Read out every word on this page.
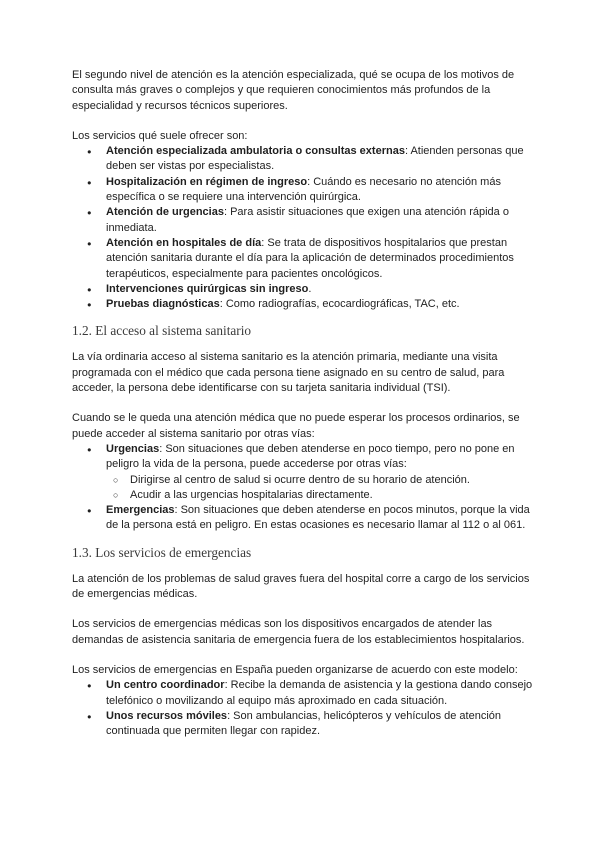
El segundo nivel de atención es la atención especializada, qué se ocupa de los motivos de consulta más graves o complejos y que requieren conocimientos más profundos de la especialidad y recursos técnicos superiores.

Los servicios qué suele ofrecer son:

● Atención especializada ambulatoria o consultas externas: Atienden personas que deben ser vistas por especialistas.
● Hospitalización en régimen de ingreso: Cuándo es necesario no atención más específica o se requiere una intervención quirúrgica.
● Atención de urgencias: Para asistir situaciones que exigen una atención rápida o inmediata.
● Atención en hospitales de día: Se trata de dispositivos hospitalarios que prestan atención sanitaria durante el día para la aplicación de determinados procedimientos terapéuticos, especialmente para pacientes oncológicos.
● Intervenciones quirúrgicas sin ingreso.
● Pruebas diagnósticas: Como radiografías, ecocardiográficas, TAC, etc.
1.2. El acceso al sistema sanitario

La vía ordinaria acceso al sistema sanitario es la atención primaria, mediante una visita programada con el médico que cada persona tiene asignado en su centro de salud, para acceder, la persona debe identificarse con su tarjeta sanitaria individual (TSI).

Cuando se le queda una atención médica que no puede esperar los procesos ordinarios, se puede acceder al sistema sanitario por otras vías:

● Urgencias: Son situaciones que deben atenderse en poco tiempo, pero no pone en peligro la vida de la persona, puede accederse por otras vías:
○ Dirigirse al centro de salud si ocurre dentro de su horario de atención.
○ Acudir a las urgencias hospitalarias directamente.
● Emergencias: Son situaciones que deben atenderse en pocos minutos, porque la vida de la persona está en peligro. En estas ocasiones es necesario llamar al 112 o al 061.
1.3. Los servicios de emergencias

La atención de los problemas de salud graves fuera del hospital corre a cargo de los servicios de emergencias médicas.

Los servicios de emergencias médicas son los dispositivos encargados de atender las demandas de asistencia sanitaria de emergencia fuera de los establecimientos hospitalarios.

Los servicios de emergencias en España pueden organizarse de acuerdo con este modelo:

● Un centro coordinador: Recibe la demanda de asistencia y la gestiona dando consejo telefónico o movilizando al equipo más aproximado en cada situación.
● Unos recursos móviles: Son ambulancias, helicópteros y vehículos de atención continuada que permiten llegar con rapidez.
